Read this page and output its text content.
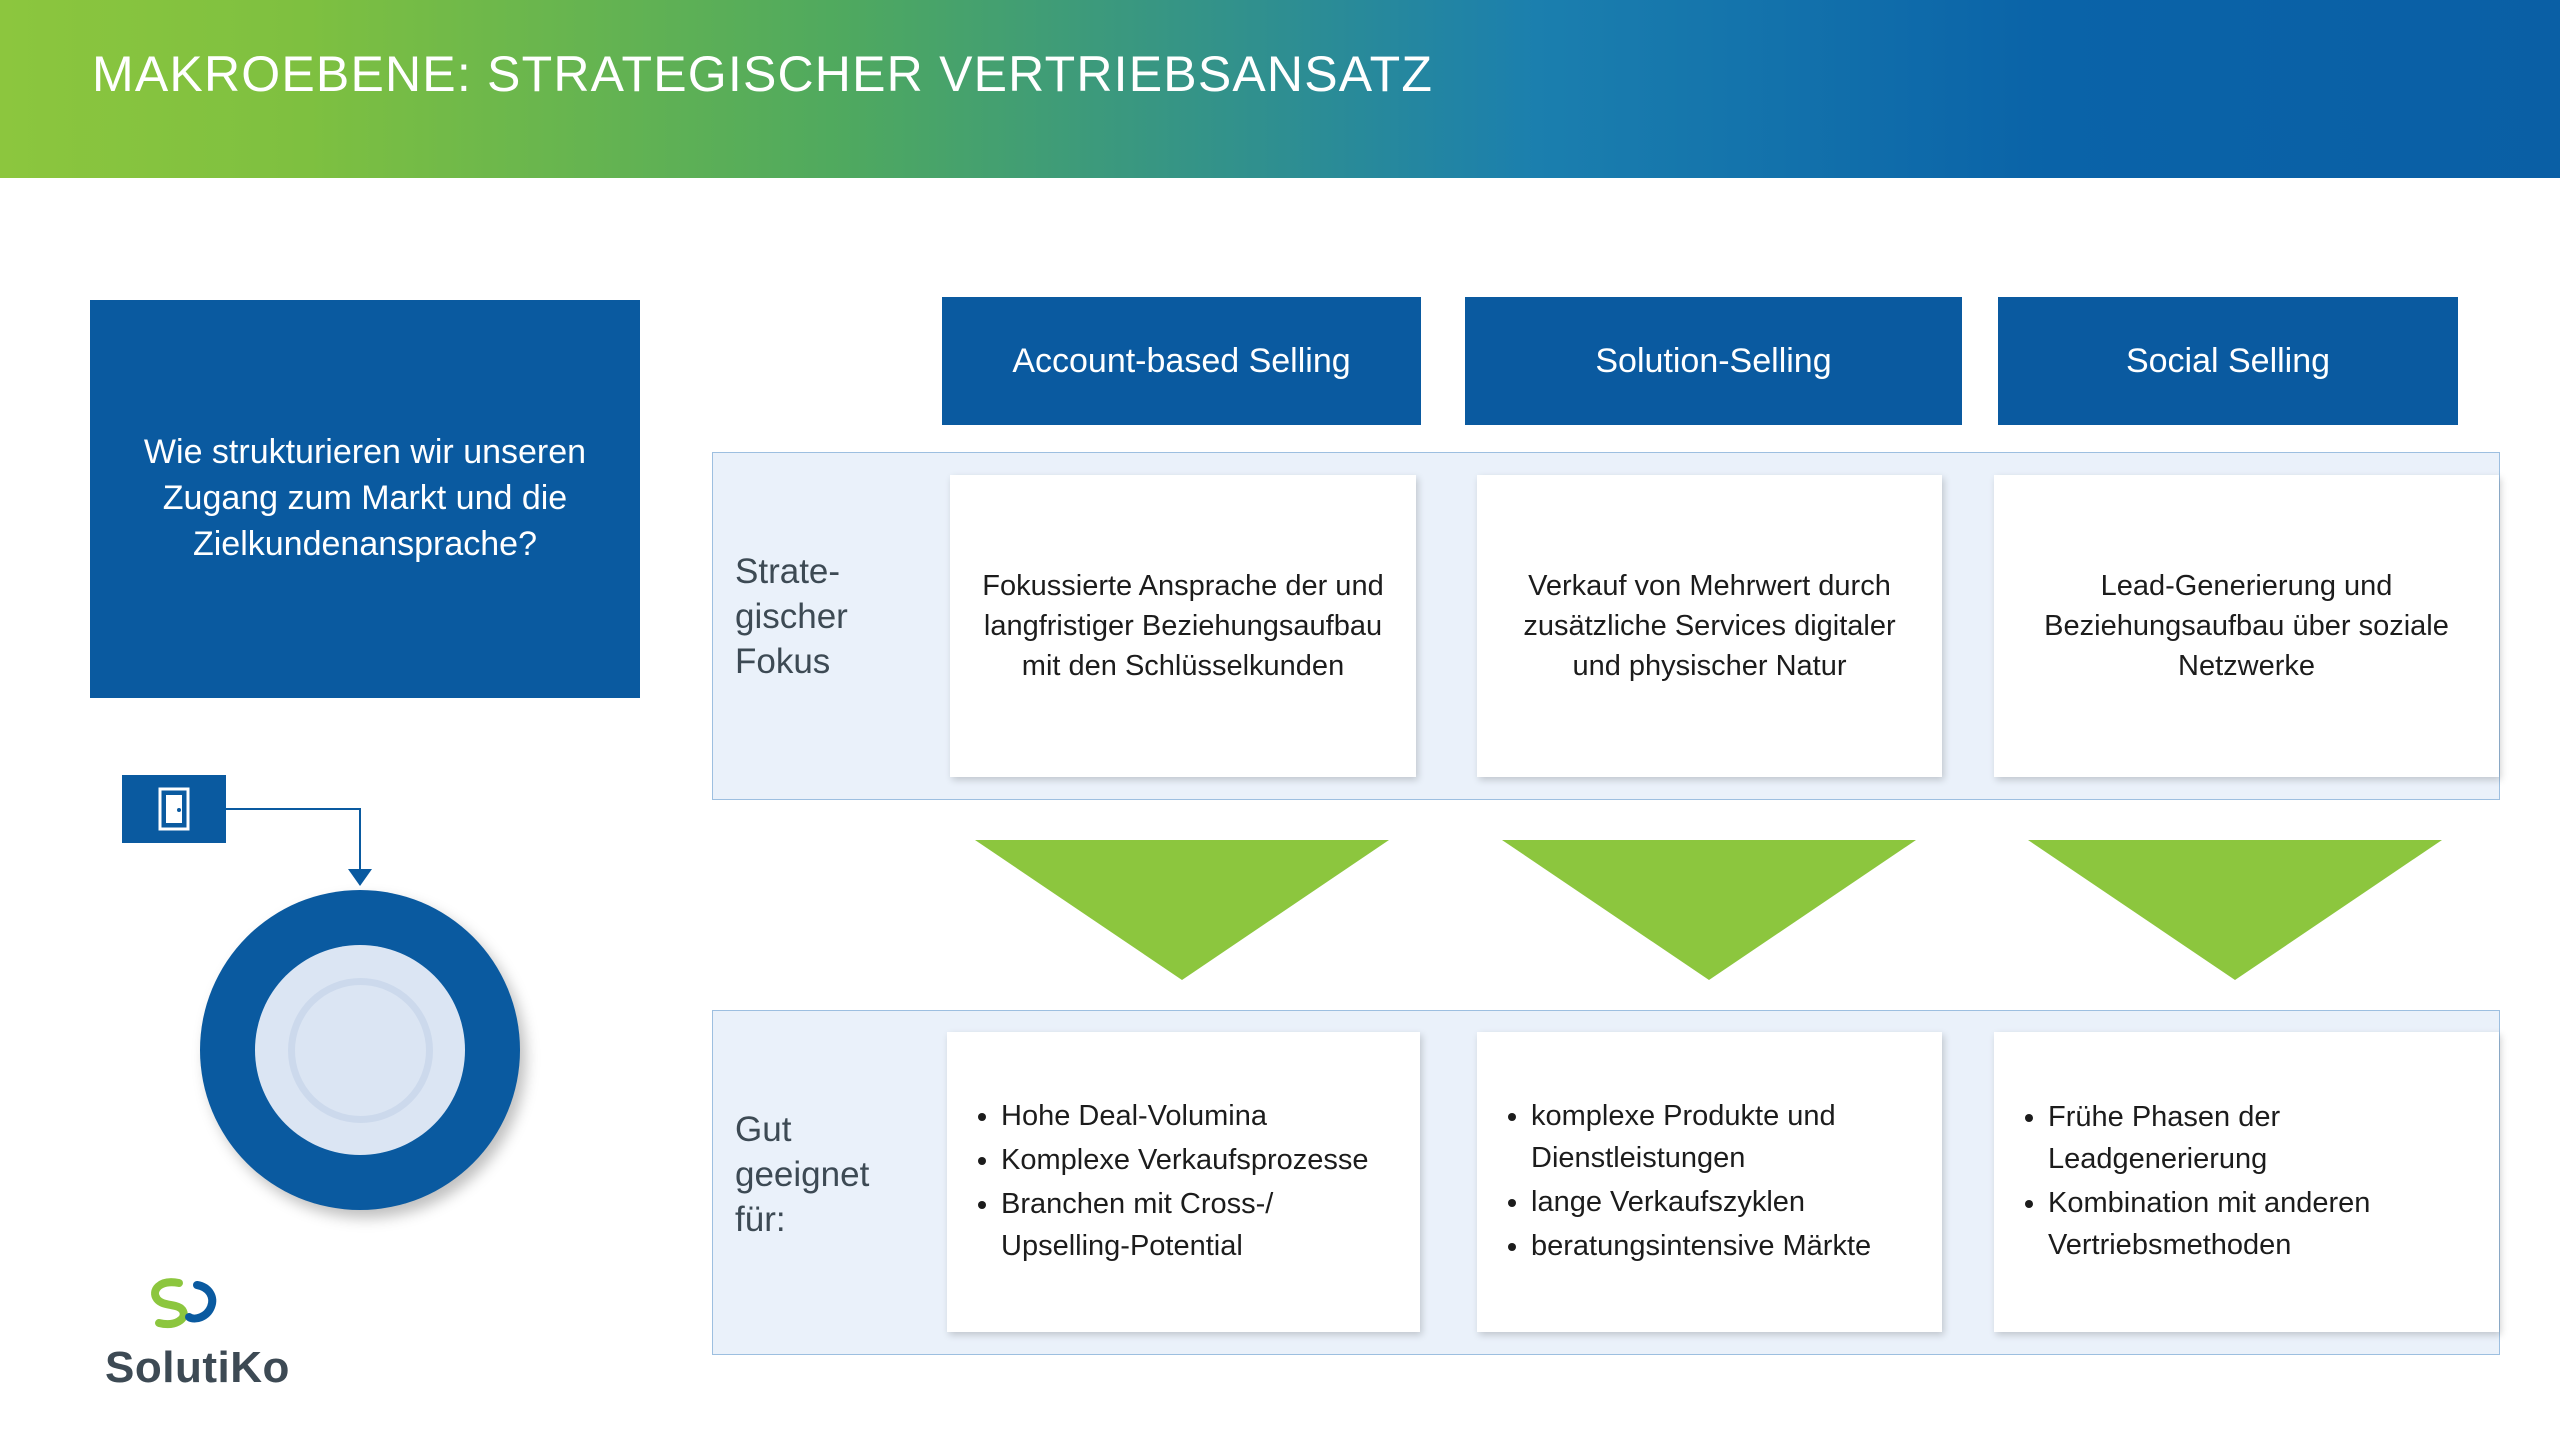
MAKROEBENE: STRATEGISCHER VERTRIEBSANSATZ
Wie strukturieren wir unseren Zugang zum Markt und die Zielkundenansprache?
SolutiKo
Account-based Selling	Solution-Selling	Social Selling
Strate- gischer Fokus
Fokussierte Ansprache der und langfristiger Beziehungsaufbau mit den Schlüsselkunden
Verkauf von Mehrwert durch zusätzliche Services digitaler und physischer Natur
Lead-Generierung und Beziehungsaufbau über soziale Netzwerke
Gut geeignet für:
• Hohe Deal-Volumina
• Komplexe Verkaufsprozesse
• Branchen mit Cross-/ Upselling-Potential
• komplexe Produkte und Dienstleistungen
• lange Verkaufszyklen
• beratungsintensive Märkte
• Frühe Phasen der Leadgenerierung
• Kombination mit anderen Vertriebsmethoden
